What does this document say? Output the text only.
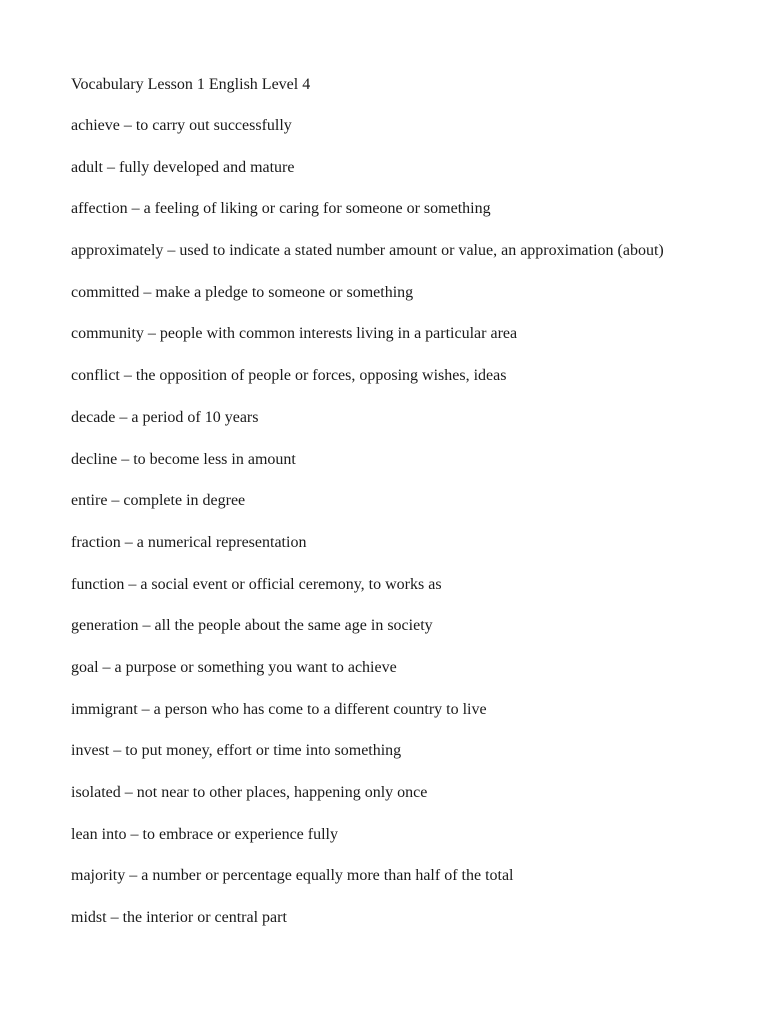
Vocabulary Lesson 1 English Level 4
achieve – to carry out successfully
adult – fully developed and mature
affection – a feeling of liking or caring for someone or something
approximately – used to indicate a stated number amount or value, an approximation (about)
committed – make a pledge to someone or something
community – people with common interests living in a particular area
conflict – the opposition of people or forces, opposing wishes, ideas
decade – a period of 10 years
decline – to become less in amount
entire – complete in degree
fraction – a numerical representation
function – a social event or official ceremony, to works as
generation – all the people about the same age in society
goal – a purpose or something you want to achieve
immigrant – a person who has come to a different country to live
invest – to put money, effort or time into something
isolated – not near to other places, happening only once
lean into – to embrace or experience fully
majority – a number or percentage equally more than half of the total
midst – the interior or central part
